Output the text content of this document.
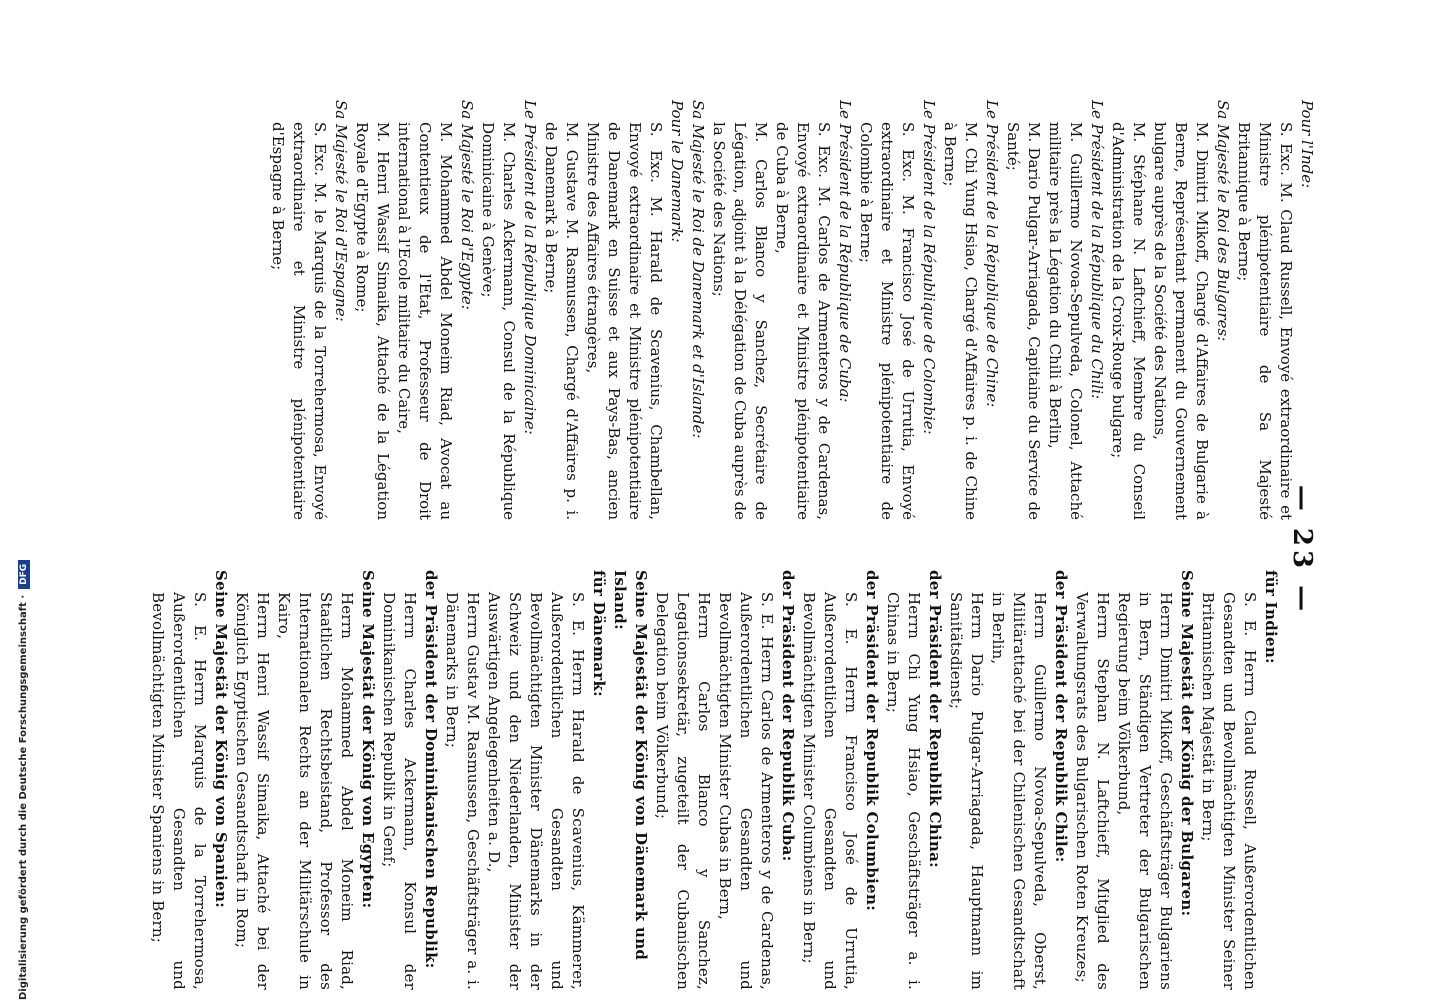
— 23 —

Pour l'Inde:

S. Exc. M. Claud Russell, Envoyé extraordinaire et Ministre plénipotentiaire de Sa Majesté Britannique à Berne;

Sa Majesté le Roi des Bulgares:

M. Dimitri Mikoff, Chargé d'Affaires de Bulgarie à Berne, Représentant permanent du Gouvernement bulgare auprès de la Société des Nations,

M. Stéphane N. Laftchieff, Membre du Conseil d'Administration de la Croix-Rouge bulgare;

Le Président de la République du Chili:

M. Guillermo Novoa-Sepulveda, Colonel, Attaché militaire près la Légation du Chili à Berlin,

M. Dario Pulgar-Arriagada, Capitaine du Service de Santé;

Le Président de la République de Chine:

M. Chi Yung Hsiao, Chargé d'Affaires p. i. de Chine à Berne;

Le Président de la République de Colombie:

S. Exc. M. Francisco José de Urrutia, Envoyé extraordinaire et Ministre plénipotentiaire de Colombie à Berne;

Le Président de la République de Cuba:

S. Exc. M. Carlos de Armenteros y de Cardenas, Envoyé extraordinaire et Ministre plénipotentiaire de Cuba à Berne,

M. Carlos Blanco y Sanchez, Secrétaire de Légation, adjoint à la Délégation de Cuba auprès de la Société des Nations;

Sa Majesté le Roi de Danemark et d'Islande:

Pour le Danemark:

S. Exc. M. Harald de Scavenius, Chambellan, Envoyé extraordinaire et Ministre plénipotentiaire de Danemark en Suisse et aux Pays-Bas, ancien Ministre des Affaires étrangères,

M. Gustave M. Rasmussen, Chargé d'Affaires p. i. de Danemark à Berne;

Le Président de la République Dominicaine:

M. Charles Ackermann, Consul de la République Dominicaine à Genève;

Sa Majesté le Roi d'Egypte:

M. Mohammed Abdel Moneim Riad, Avocat au Contentieux de l'Etat, Professeur de Droit international à l'Ecole militaire du Caire,

M. Henri Wassif Simaika, Attaché de la Légation Royale d'Egypte à Rome;

Sa Majesté le Roi d'Espagne:

S. Exc. M. le Marquis de la Torrehermosa, Envoyé extraordinaire et Ministre plénipotentiaire d'Espagne à Berne;

für Indien:

S. E. Herrn Claud Russell, Außerordentlichen Gesandten und Bevollmächtigten Minister Seiner Britannischen Majestät in Bern;

Seine Majestät der König der Bulgaren:

Herrn Dimitri Mikoff, Geschäftsträger Bulgariens in Bern, Ständigen Vertreter der Bulgarischen Regierung beim Völkerbund,

Herrn Stephan N. Laftchieff, Mitglied des Verwaltungsrats des Bulgarischen Roten Kreuzes;

der Präsident der Republik Chile:

Herrn Guillermo Novoa-Sepulveda, Oberst, Militärattaché bei der Chilenischen Gesandtschaft in Berlin,

Herrn Dario Pulgar-Arriagada, Hauptmann im Sanitätsdienst;

der Präsident der Republik China:

Herrn Chi Yung Hsiao, Geschäftsträger a. i. Chinas in Bern;

der Präsident der Republik Columbien:

S. E. Herrn Francisco José de Urrutia, Außerordentlichen Gesandten und Bevollmächtigten Minister Columbiens in Bern;

der Präsident der Republik Cuba:

S. E. Herrn Carlos de Armenteros y de Cardenas, Außerordentlichen Gesandten und Bevollmächtigten Minister Cubas in Bern,

Herrn Carlos Blanco y Sanchez, Legationssekretär, zugeteilt der Cubanischen Delegation beim Völkerbund;

Seine Majestät der König von Dänemark und Island:

für Dänemark:

S. E. Herrn Harald de Scavenius, Kämmerer, Außerordentlichen Gesandten und Bevollmächtigten Minister Dänemarks in der Schweiz und den Niederlanden, Minister der Auswärtigen Angelegenheiten a. D.,

Herrn Gustav M. Rasmussen, Geschäftsträger a. i. Dänemarks in Bern;

der Präsident der Dominikanischen Republik:

Herrn Charles Ackermann, Konsul der Dominikanischen Republik in Genf;

Seine Majestät der König von Egypten:

Herrn Mohammed Abdel Moneim Riad, Staatlichen Rechtsbeistand, Professor des Internationalen Rechts an der Militärschule in Kairo,

Herrn Henri Wassif Simaika, Attaché bei der Königlich Egyptischen Gesandtschaft in Rom;

Seine Majestät der König von Spanien:

S. E. Herrn Marquis de la Torrehermosa, Außerordentlichen Gesandten und Bevollmächtigten Minister Spaniens in Bern;

Digitalisierung gefördert durch die Deutsche Forschungsgemeinschaft ·DFG
